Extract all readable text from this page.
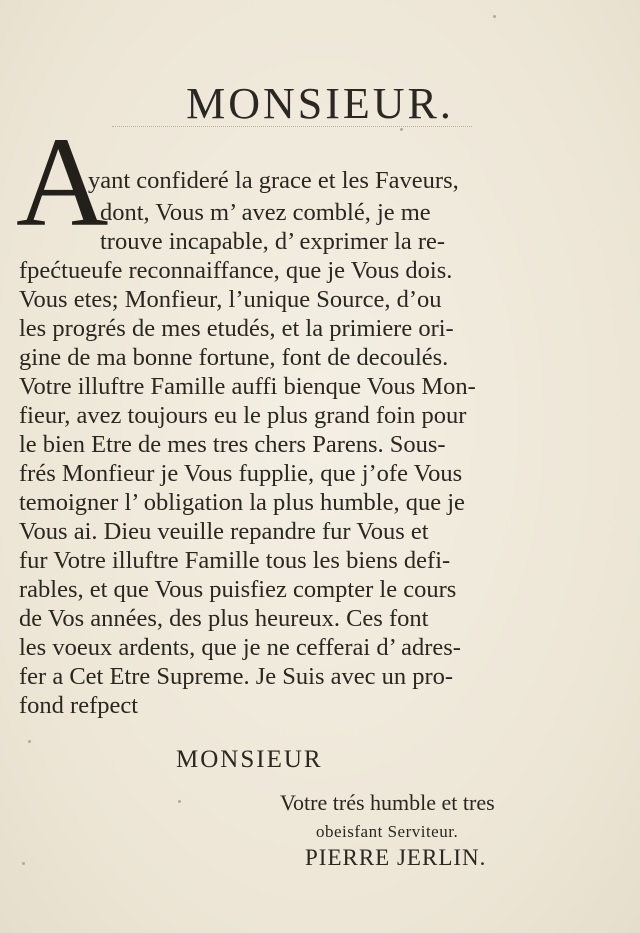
MONSIEUR.
A
yant confideré la grace et les Faveurs,
dont, Vous m’ avez comblé, je me
trouve incapable, d’ exprimer la re-
fpećtueufe reconnaiffance, que je Vous dois.
Vous etes; Monfieur, l’unique Source, d’ou
les progrés de mes etudés, et la primiere ori-
gine de ma bonne fortune, font de decoulés.
Votre illuftre Famille auffi bienque Vous Mon-
fieur, avez toujours eu le plus grand foin pour
le bien Etre de mes tres chers Parens. Sous-
frés Monfieur je Vous fupplie, que j’ofe Vous
temoigner l’ obligation la plus humble, que je
Vous ai. Dieu veuille repandre fur Vous et
fur Votre illuftre Famille tous les biens defi-
rables, et que Vous puisfiez compter le cours
de Vos années, des plus heureux. Ces font
les voeux ardents, que je ne cefferai d’ adres-
fer a Cet Etre Supreme. Je Suis avec un pro-
fond refpect
MONSIEUR
Votre trés humble et tres
obeisfant Serviteur.
PIERRE JERLIN.
